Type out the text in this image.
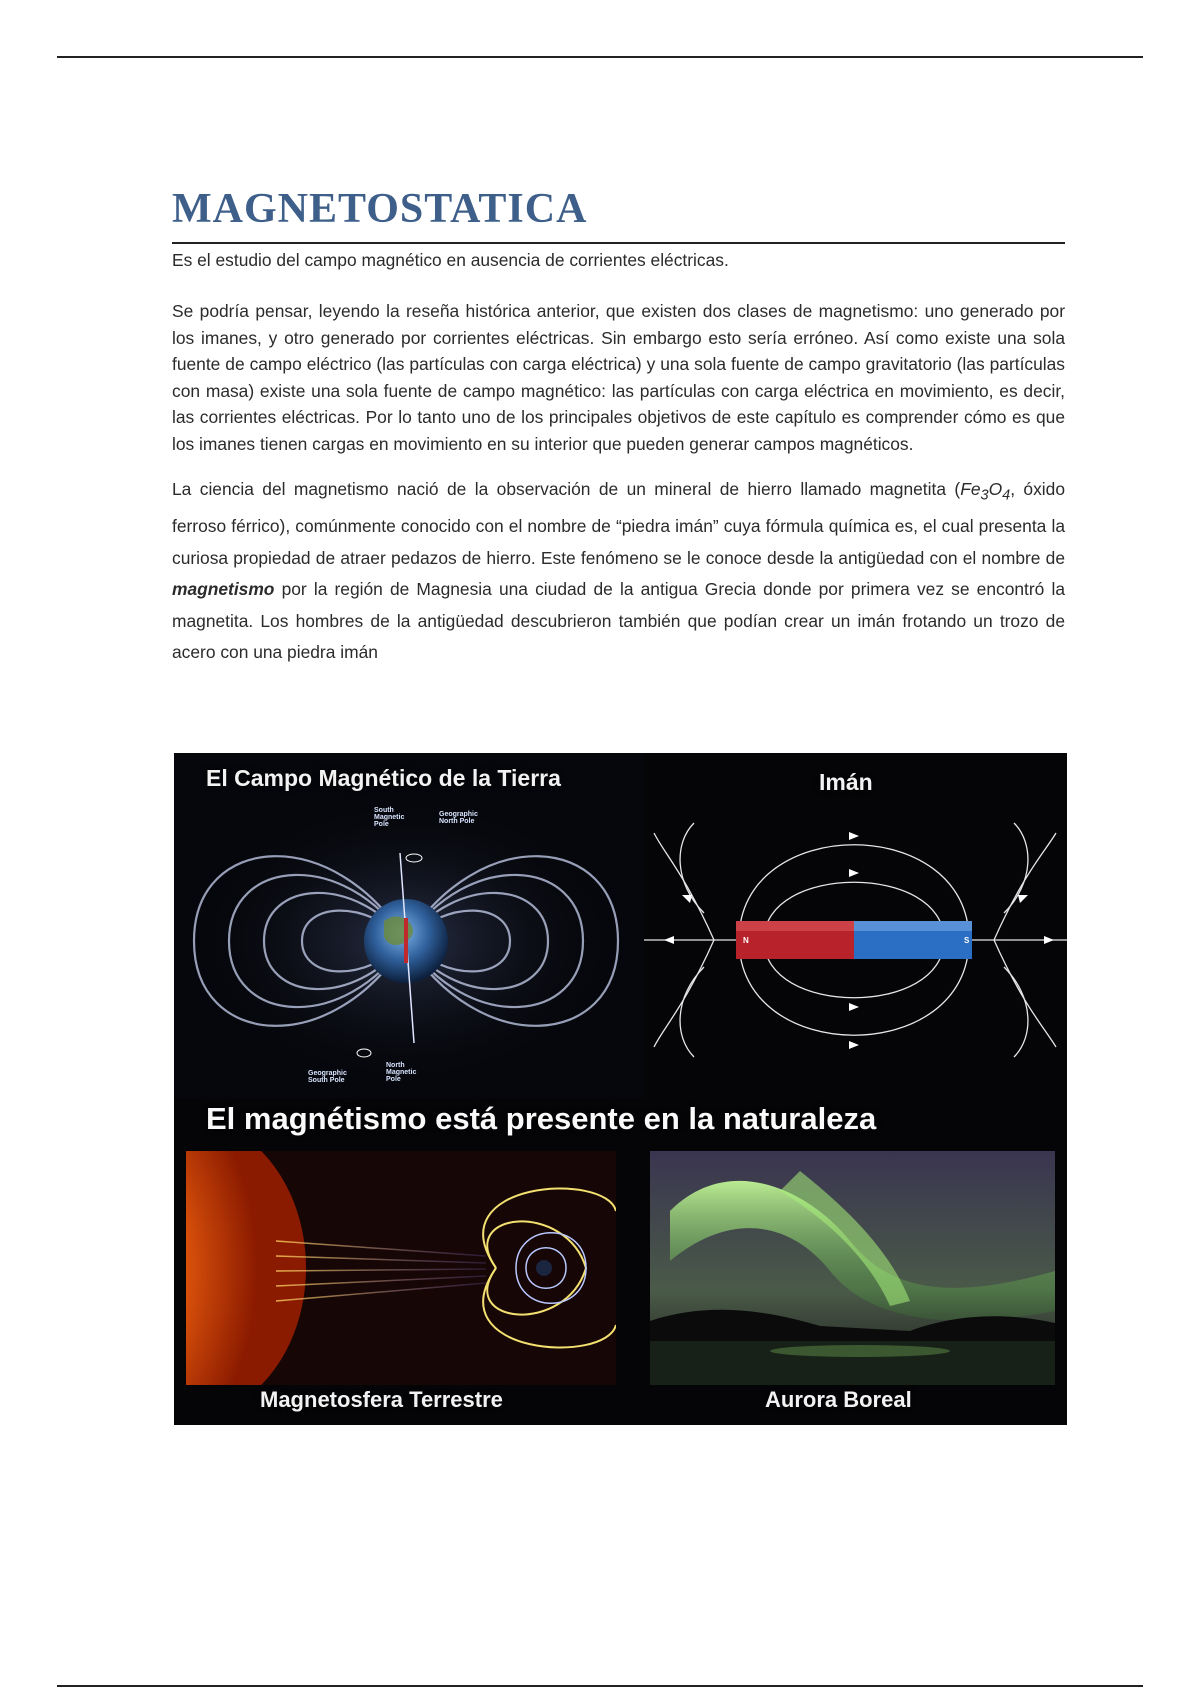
MAGNETOSTATICA

Es el estudio del campo magnético en ausencia de corrientes eléctricas.

Se podría pensar, leyendo la reseña histórica anterior, que existen dos clases de magnetismo: uno generado por los imanes, y otro generado por corrientes eléctricas. Sin embargo esto sería erróneo. Así como existe una sola fuente de campo eléctrico (las partículas con carga eléctrica) y una sola fuente de campo gravitatorio (las partículas con masa) existe una sola fuente de campo magnético: las partículas con carga eléctrica en movimiento, es decir, las corrientes eléctricas. Por lo tanto uno de los principales objetivos de este capítulo es comprender cómo es que los imanes tienen cargas en movimiento en su interior que pueden generar campos magnéticos.

La ciencia del magnetismo nació de la observación de un mineral de hierro llamado magnetita ($Fe_3O_4$, óxido ferroso férrico), comúnmente conocido con el nombre de “piedra imán” cuya fórmula química es, el cual presenta la curiosa propiedad de atraer pedazos de hierro. Este fenómeno se le conoce desde la antigüedad con el nombre de magnetismo por la región de Magnesia una ciudad de la antigua Grecia donde por primera vez se encontró la magnetita. Los hombres de la antigüedad descubrieron también que podían crear un imán frotando un trozo de acero con una piedra imán

El Campo Magnético de la Tierra
South
Magnetic
Pole
Geographic
North Pole
Geographic
South Pole
North
Magnetic
Pole
Imán
N	S
El magnétismo está presente en la naturaleza
Magnetosfera Terrestre	Aurora Boreal
